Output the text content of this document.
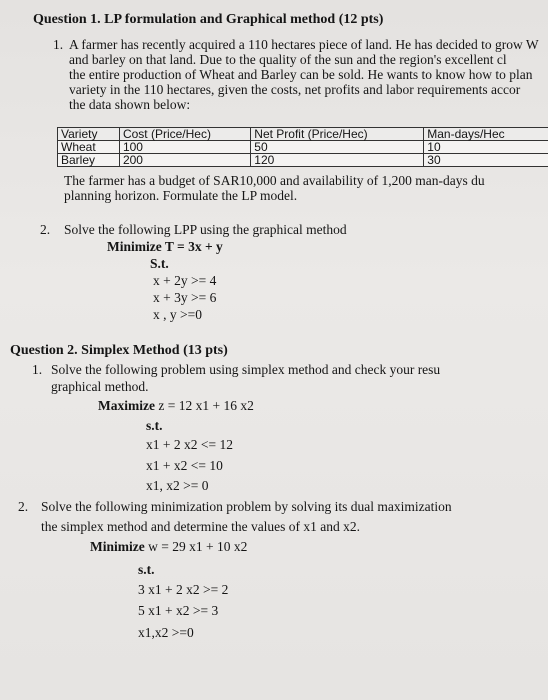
Question 1. LP formulation and Graphical method (12 pts)
1. A farmer has recently acquired a 110 hectares piece of land. He has decided to grow W
and barley on that land. Due to the quality of the sun and the region's excellent cl
the entire production of Wheat and Barley can be sold. He wants to know how to plan
variety in the 110 hectares, given the costs, net profits and labor requirements accor
the data shown below:
Variety	Cost (Price/Hec)	Net Profit (Price/Hec)	Man-days/Hec
Wheat	100	50	10
Barley	200	120	30
The farmer has a budget of SAR10,000 and availability of 1,200 man-days du
planning horizon. Formulate the LP model.
2. Solve the following LPP using the graphical method
Minimize T = 3x + y
S.t.
x + 2y >= 4
x + 3y >= 6
x , y >=0
Question 2. Simplex Method (13 pts)
1. Solve the following problem using simplex method and check your resu
graphical method.
Maximize z = 12 x1 + 16 x2
s.t.
x1 + 2 x2 <= 12
x1 + x2 <= 10
x1, x2 >= 0
2. Solve the following minimization problem by solving its dual maximization
the simplex method and determine the values of x1 and x2.
Minimize w = 29 x1 + 10 x2
s.t.
3 x1 + 2 x2 >= 2
5 x1 + x2 >= 3
x1,x2 >=0
